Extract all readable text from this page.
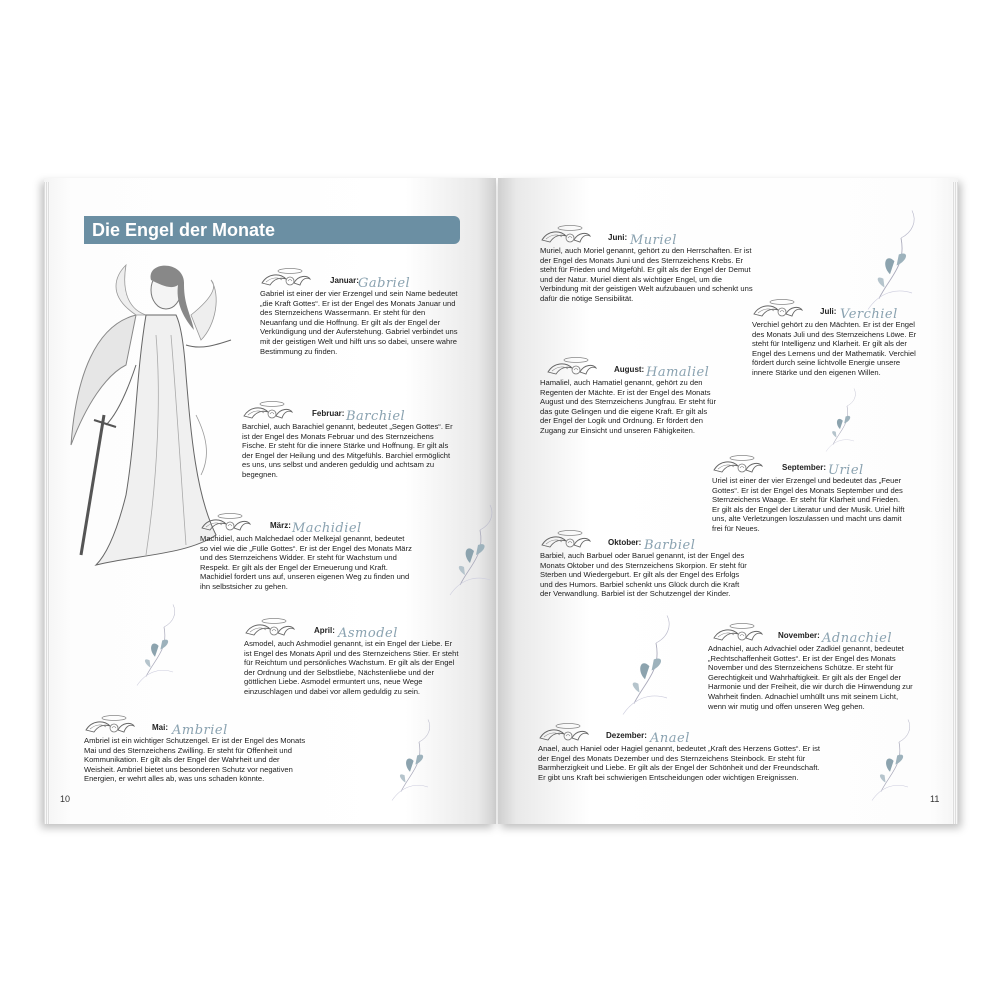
Die Engel der Monate
Januar: Gabriel

Gabriel ist einer der vier Erzengel und sein Name bedeutet „die Kraft Gottes“. Er ist der Engel des Monats Januar und des Sternzeichens Wassermann. Er steht für den Neuanfang und die Hoffnung. Er gilt als der Engel der Verkündigung und der Auferstehung. Gabriel verbindet uns mit der geistigen Welt und hilft uns so dabei, unsere wahre Bestimmung zu finden.

Februar: Barchiel

Barchiel, auch Barachiel genannt, bedeutet „Segen Gottes“. Er ist der Engel des Monats Februar und des Sternzeichens Fische. Er steht für die innere Stärke und Hoffnung. Er gilt als der Engel der Heilung und des Mitgefühls. Barchiel ermöglicht es uns, uns selbst und anderen geduldig und achtsam zu begegnen.

März: Machidiel

Machidiel, auch Malchedael oder Melkejal genannt, bedeutet so viel wie die „Fülle Gottes“. Er ist der Engel des Monats März und des Sternzeichens Widder. Er steht für Wachstum und Respekt. Er gilt als der Engel der Erneuerung und Kraft. Machidiel fordert uns auf, unseren eigenen Weg zu finden und ihn selbstsicher zu gehen.

April: Asmodel

Asmodel, auch Ashmodiel genannt, ist ein Engel der Liebe. Er ist Engel des Monats April und des Sternzeichens Stier. Er steht für Reichtum und persönliches Wachstum. Er gilt als der Engel der Ordnung und der Selbstliebe, Nächstenliebe und der göttlichen Liebe. Asmodel ermuntert uns, neue Wege einzuschlagen und dabei vor allem geduldig zu sein.

Mai: Ambriel

Ambriel ist ein wichtiger Schutzengel. Er ist der Engel des Monats Mai und des Sternzeichens Zwilling. Er steht für Offenheit und Kommunikation. Er gilt als der Engel der Wahrheit und der Weisheit. Ambriel bietet uns besonderen Schutz vor negativen Energien, er wehrt alles ab, was uns schaden könnte.

Juni: Muriel

Muriel, auch Moriel genannt, gehört zu den Herrschaften. Er ist der Engel des Monats Juni und des Sternzeichens Krebs. Er steht für Frieden und Mitgefühl. Er gilt als der Engel der Demut und der Natur. Muriel dient als wichtiger Engel, um die Verbindung mit der geistigen Welt aufzubauen und schenkt uns dafür die nötige Sensibilität.

Juli: Verchiel

Verchiel gehört zu den Mächten. Er ist der Engel des Monats Juli und des Sternzeichens Löwe. Er steht für Intelligenz und Klarheit. Er gilt als der Engel des Lernens und der Mathematik. Verchiel fördert durch seine lichtvolle Energie unsere innere Stärke und den eigenen Willen.

August: Hamaliel

Hamaliel, auch Hamatiel genannt, gehört zu den Regenten der Mächte. Er ist der Engel des Monats August und des Sternzeichens Jungfrau. Er steht für das gute Gelingen und die eigene Kraft. Er gilt als der Engel der Logik und Ordnung. Er fördert den Zugang zur Einsicht und unseren Fähigkeiten.

September: Uriel

Uriel ist einer der vier Erzengel und bedeutet das „Feuer Gottes“. Er ist der Engel des Monats September und des Sternzeichens Waage. Er steht für Klarheit und Frieden. Er gilt als der Engel der Literatur und der Musik. Uriel hilft uns, alte Verletzungen loszulassen und macht uns damit frei für Neues.

Oktober: Barbiel

Barbiel, auch Barbuel oder Baruel genannt, ist der Engel des Monats Oktober und des Sternzeichens Skorpion. Er steht für Sterben und Wiedergeburt. Er gilt als der Engel des Erfolgs und des Humors. Barbiel schenkt uns Glück durch die Kraft der Verwandlung. Barbiel ist der Schutzengel der Kinder.

November: Adnachiel

Adnachiel, auch Advachiel oder Zadkiel genannt, bedeutet „Rechtschaffenheit Gottes“. Er ist der Engel des Monats November und des Sternzeichens Schütze. Er steht für Gerechtigkeit und Wahrhaftigkeit. Er gilt als der Engel der Harmonie und der Freiheit, die wir durch die Hinwendung zur Wahrheit finden. Adnachiel umhüllt uns mit seinem Licht, wenn wir mutig und offen unseren Weg gehen.

Dezember: Anael

Anael, auch Haniel oder Hagiel genannt, bedeutet „Kraft des Herzens Gottes“. Er ist der Engel des Monats Dezember und des Sternzeichens Steinbock. Er steht für Barmherzigkeit und Liebe. Er gilt als der Engel der Schönheit und der Freundschaft. Er gibt uns Kraft bei schwierigen Entscheidungen oder wichtigen Ereignissen.

10	11
